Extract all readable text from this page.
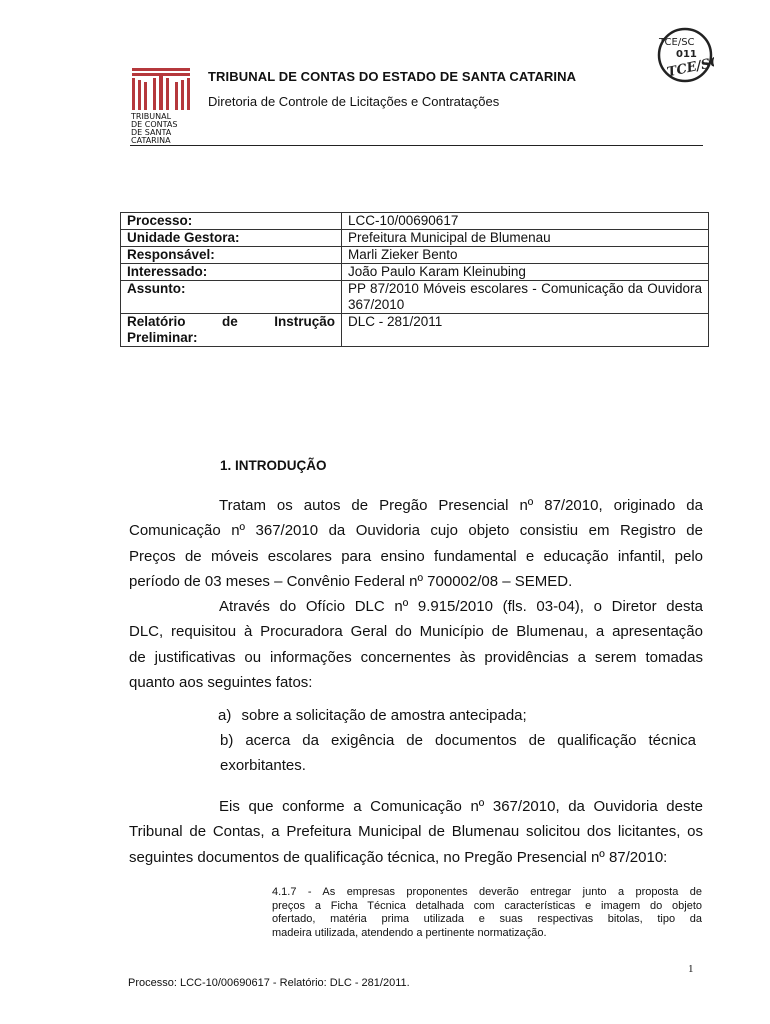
TRIBUNAL
DE CONTAS
DE SANTA
CATARINA
TRIBUNAL DE CONTAS DO ESTADO DE SANTA CATARINA
Diretoria de Controle de Licitações e Contratações
TCE/SC
011
TCE/SC
Processo:	LCC-10/00690617
Unidade Gestora:	Prefeitura Municipal de Blumenau
Responsável:	Marli Zieker Bento
Interessado:	João Paulo Karam Kleinubing
Assunto:	PP 87/2010 Móveis escolares - Comunicação da Ouvidora 367/2010
Relatório de Instrução Preliminar:	DLC - 281/2011
1. INTRODUÇÃO
Tratam os autos de Pregão Presencial nº 87/2010, originado da
Comunicação nº 367/2010 da Ouvidoria cujo objeto consistiu em Registro de
Preços de móveis escolares para ensino fundamental e educação infantil, pelo
período de 03 meses – Convênio Federal nº 700002/08 – SEMED.
Através do Ofício DLC nº 9.915/2010 (fls. 03-04), o Diretor desta
DLC, requisitou à Procuradora Geral do Município de Blumenau, a apresentação
de justificativas ou informações concernentes às providências a serem tomadas
quanto aos seguintes fatos:
a) sobre a solicitação de amostra antecipada;
b) acerca da exigência de documentos de qualificação técnica
exorbitantes.
Eis que conforme a Comunicação nº 367/2010, da Ouvidoria deste
Tribunal de Contas, a Prefeitura Municipal de Blumenau solicitou dos licitantes, os
seguintes documentos de qualificação técnica, no Pregão Presencial nº 87/2010:
4.1.7 - As empresas proponentes deverão entregar junto a proposta de
preços a Ficha Técnica detalhada com características e imagem do objeto
ofertado, matéria prima utilizada e suas respectivas bitolas, tipo da
madeira utilizada, atendendo a pertinente normatização.
1
Processo: LCC-10/00690617 - Relatório: DLC - 281/2011.
